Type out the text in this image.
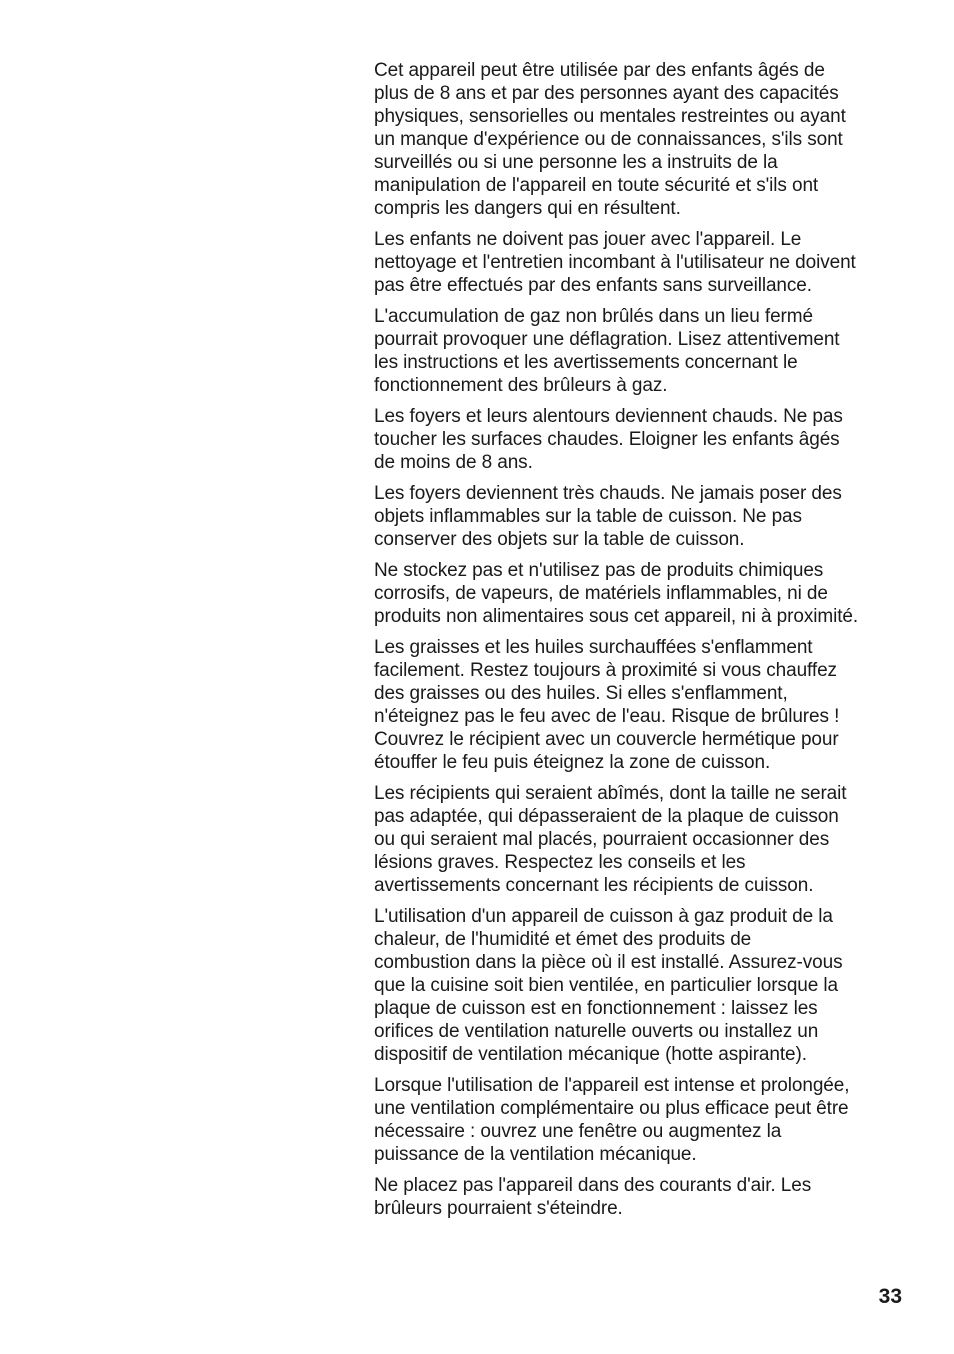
Cet appareil peut être utilisée par des enfants âgés de
plus de 8 ans et par des personnes ayant des capacités
physiques, sensorielles ou mentales restreintes ou ayant
un manque d'expérience ou de connaissances, s'ils sont
surveillés ou si une personne les a instruits de la
manipulation de l'appareil en toute sécurité et s'ils ont
compris les dangers qui en résultent.

Les enfants ne doivent pas jouer avec l'appareil. Le
nettoyage et l'entretien incombant à l'utilisateur ne doivent
pas être effectués par des enfants sans surveillance.

L'accumulation de gaz non brûlés dans un lieu fermé
pourrait provoquer une déflagration. Lisez attentivement
les instructions et les avertissements concernant le
fonctionnement des brûleurs à gaz.

Les foyers et leurs alentours deviennent chauds. Ne pas
toucher les surfaces chaudes. Eloigner les enfants âgés
de moins de 8 ans.

Les foyers deviennent très chauds. Ne jamais poser des
objets inflammables sur la table de cuisson. Ne pas
conserver des objets sur la table de cuisson.

Ne stockez pas et n'utilisez pas de produits chimiques
corrosifs, de vapeurs, de matériels inflammables, ni de
produits non alimentaires sous cet appareil, ni à proximité.

Les graisses et les huiles surchauffées s'enflamment
facilement. Restez toujours à proximité si vous chauffez
des graisses ou des huiles. Si elles s'enflamment,
n'éteignez pas le feu avec de l'eau. Risque de brûlures !
Couvrez le récipient avec un couvercle hermétique pour
étouffer le feu puis éteignez la zone de cuisson.

Les récipients qui seraient abîmés, dont la taille ne serait
pas adaptée, qui dépasseraient de la plaque de cuisson
ou qui seraient mal placés, pourraient occasionner des
lésions graves. Respectez les conseils et les
avertissements concernant les récipients de cuisson.

L'utilisation d'un appareil de cuisson à gaz produit de la
chaleur, de l'humidité et émet des produits de
combustion dans la pièce où il est installé. Assurez-vous
que la cuisine soit bien ventilée, en particulier lorsque la
plaque de cuisson est en fonctionnement : laissez les
orifices de ventilation naturelle ouverts ou installez un
dispositif de ventilation mécanique (hotte aspirante).

Lorsque l'utilisation de l'appareil est intense et prolongée,
une ventilation complémentaire ou plus efficace peut être
nécessaire : ouvrez une fenêtre ou augmentez la
puissance de la ventilation mécanique.

Ne placez pas l'appareil dans des courants d'air. Les
brûleurs pourraient s'éteindre.

33
